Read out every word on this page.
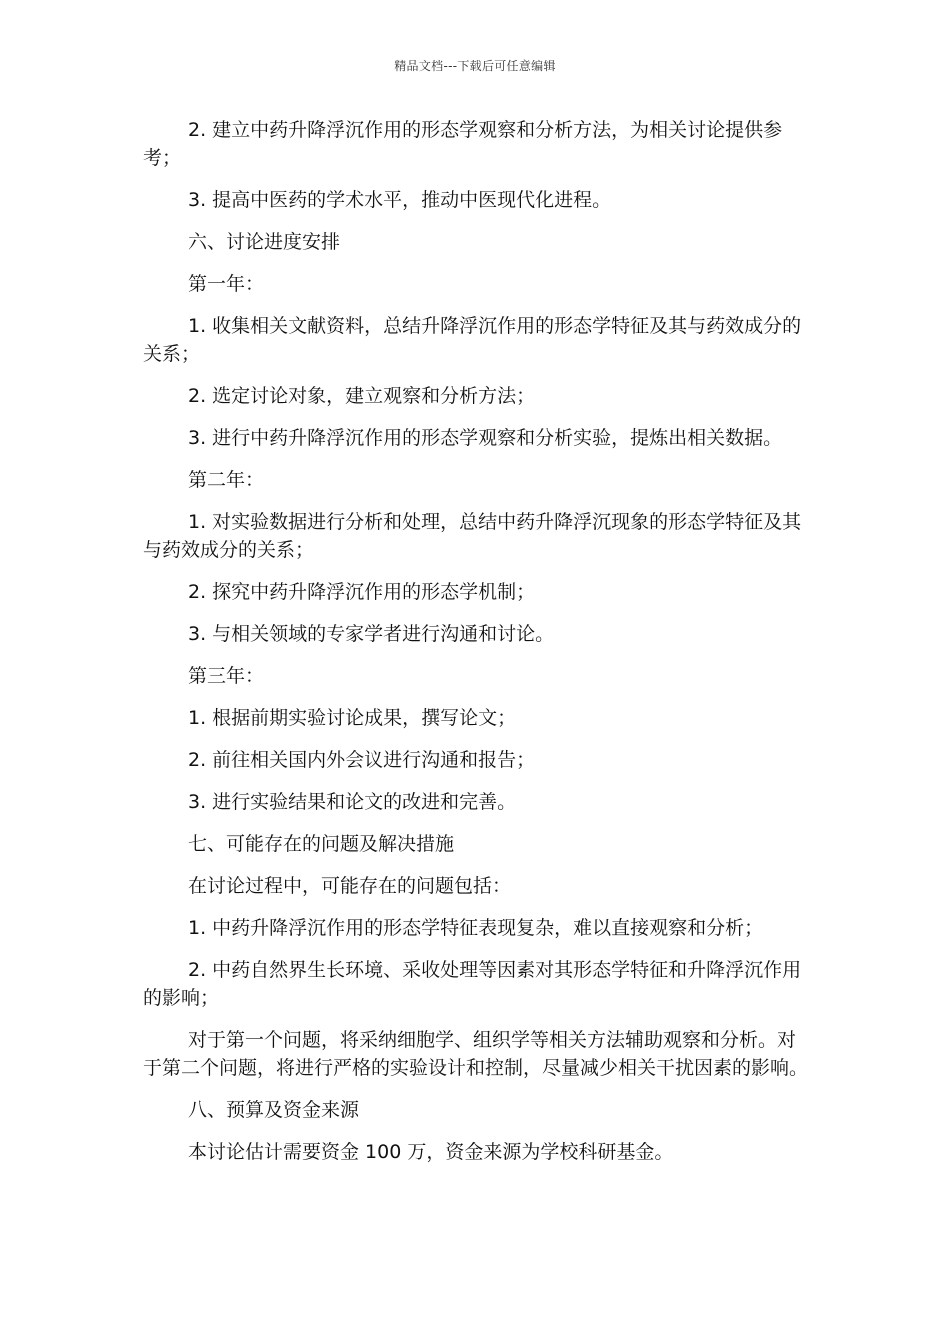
精品文档---下载后可任意编辑

2. 建立中药升降浮沉作用的形态学观察和分析方法，为相关讨论提供参考；

3. 提高中医药的学术水平，推动中医现代化进程。

六、讨论进度安排

第一年：

1. 收集相关文献资料，总结升降浮沉作用的形态学特征及其与药效成分的关系；

2. 选定讨论对象，建立观察和分析方法；

3. 进行中药升降浮沉作用的形态学观察和分析实验，提炼出相关数据。

第二年：

1. 对实验数据进行分析和处理，总结中药升降浮沉现象的形态学特征及其与药效成分的关系；

2. 探究中药升降浮沉作用的形态学机制；

3. 与相关领域的专家学者进行沟通和讨论。

第三年：

1. 根据前期实验讨论成果，撰写论文；

2. 前往相关国内外会议进行沟通和报告；

3. 进行实验结果和论文的改进和完善。

七、可能存在的问题及解决措施

在讨论过程中，可能存在的问题包括：

1. 中药升降浮沉作用的形态学特征表现复杂，难以直接观察和分析；

2. 中药自然界生长环境、采收处理等因素对其形态学特征和升降浮沉作用的影响；

对于第一个问题，将采纳细胞学、组织学等相关方法辅助观察和分析。对于第二个问题，将进行严格的实验设计和控制，尽量减少相关干扰因素的影响。

八、预算及资金来源

本讨论估计需要资金 100 万，资金来源为学校科研基金。
